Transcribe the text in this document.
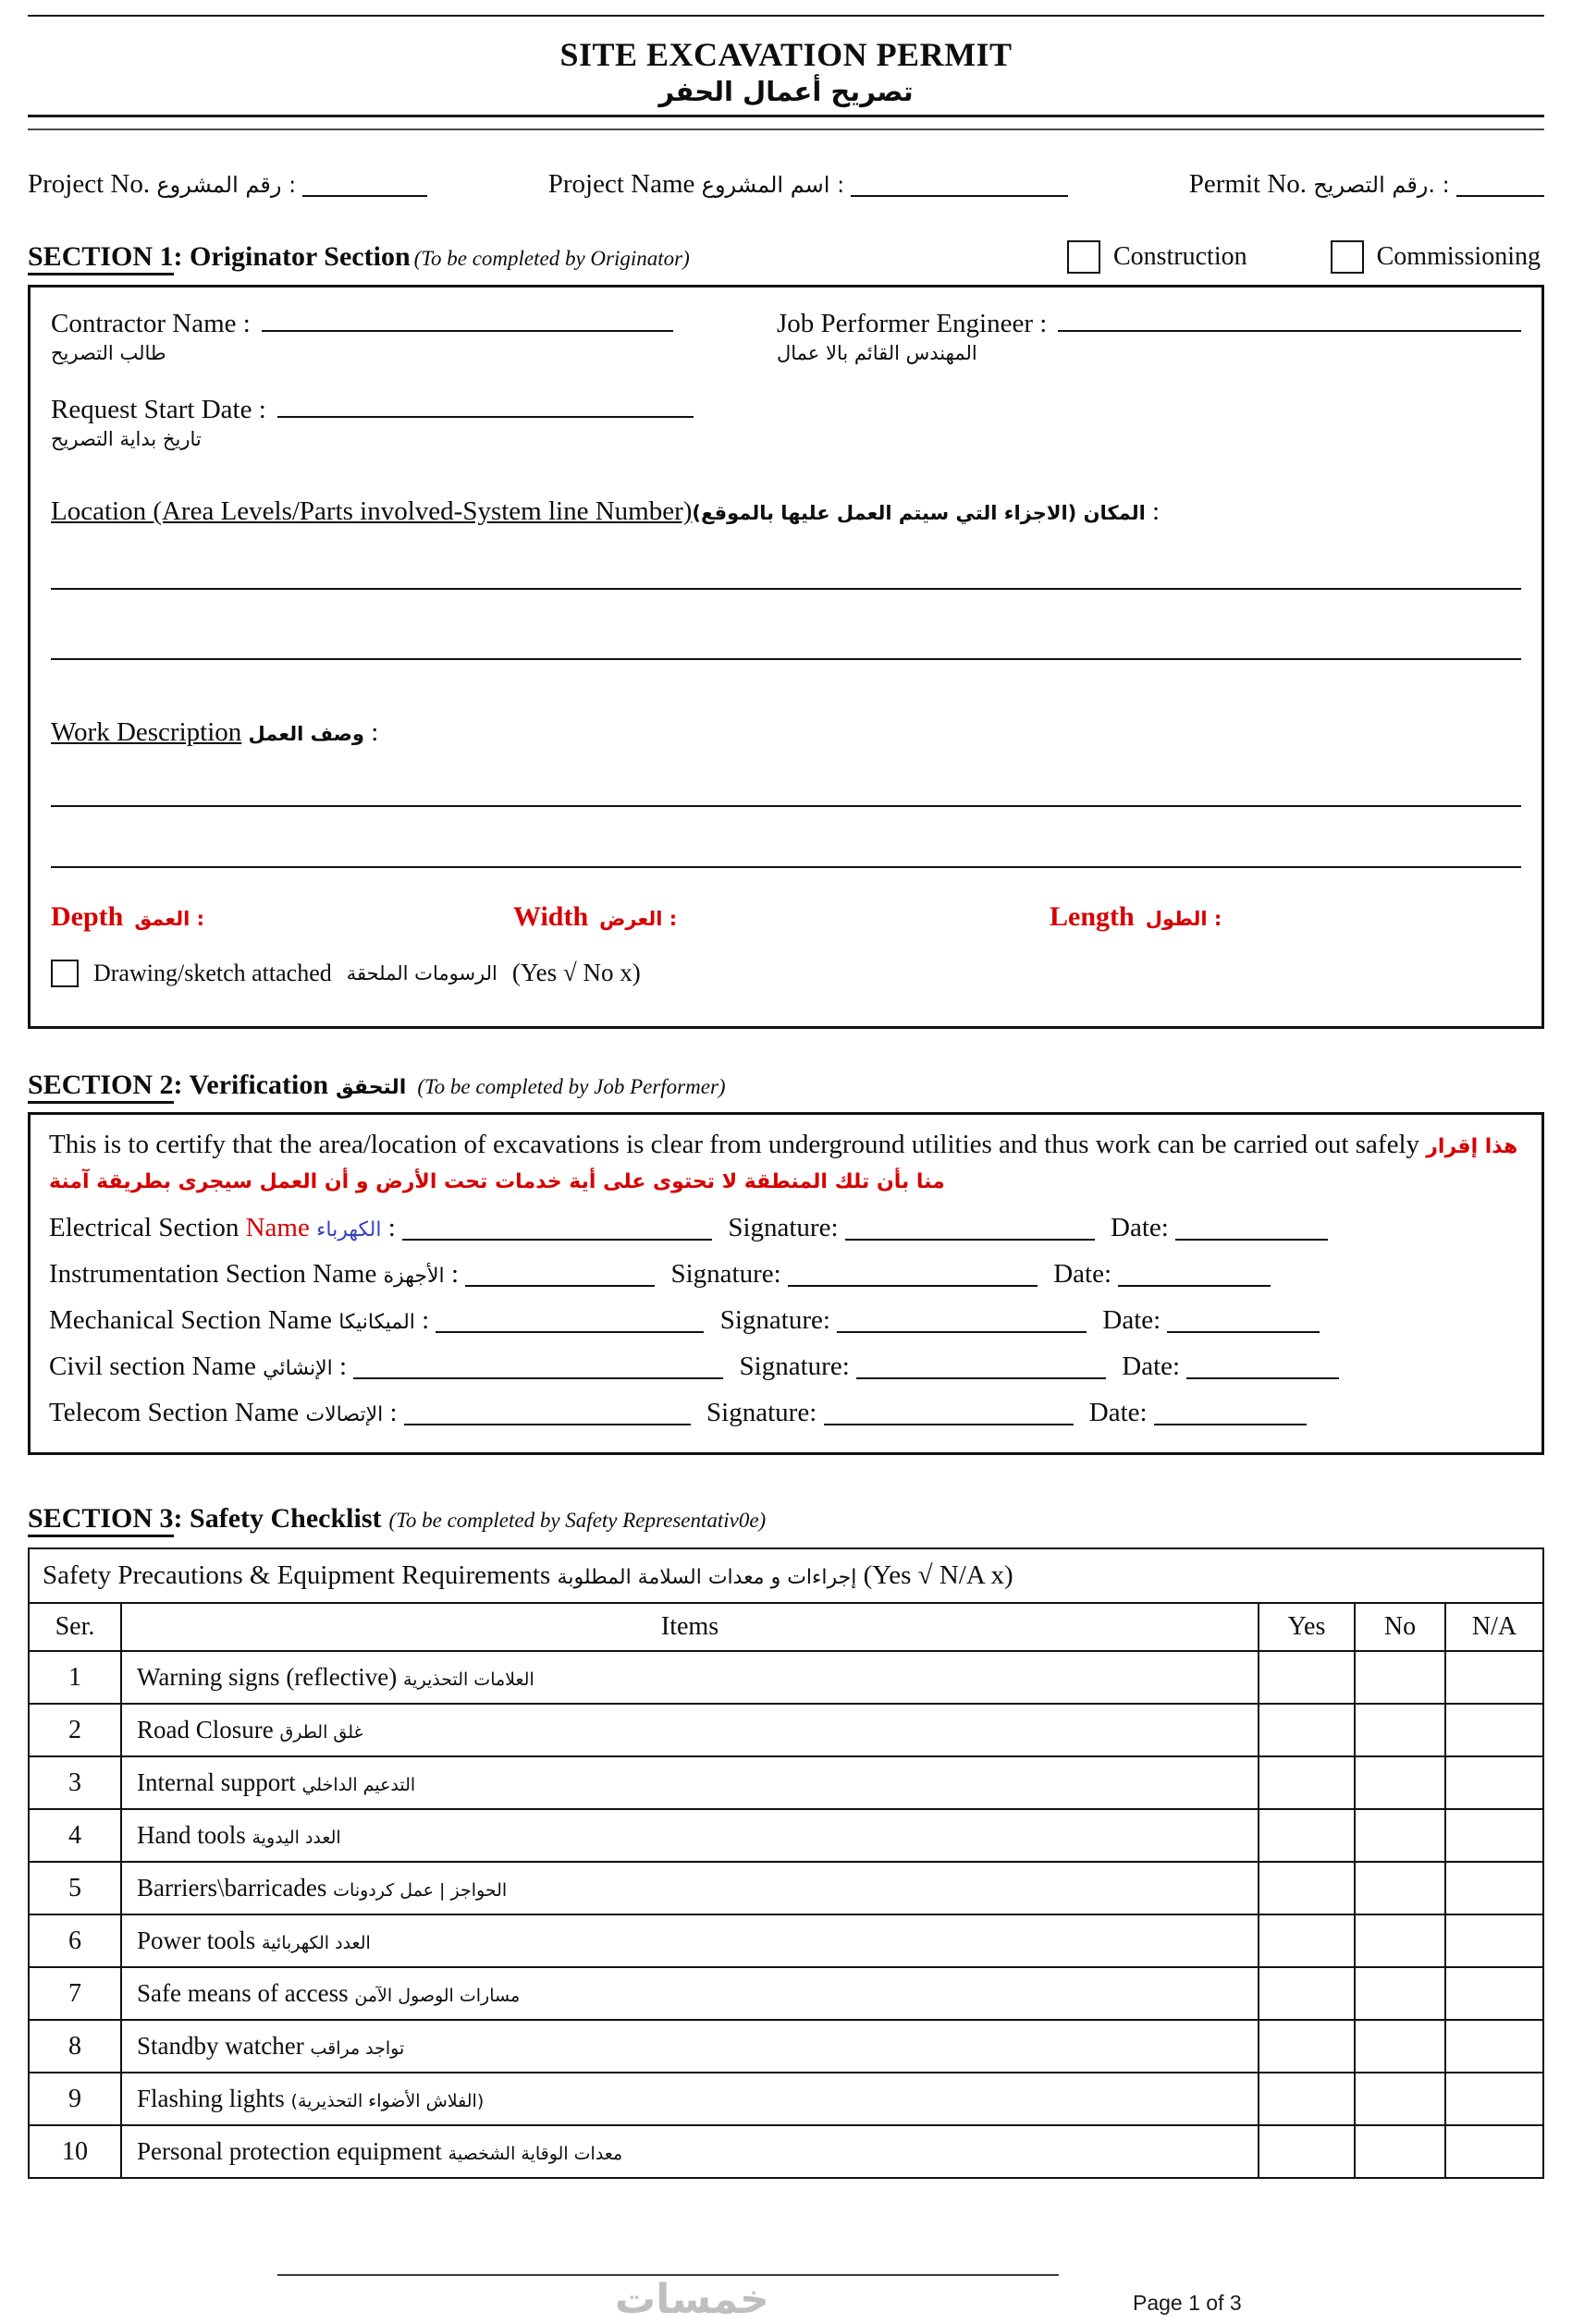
SITE EXCAVATION PERMIT
تصريح أعمال الحفر
Project No. رقم المشروع :	Project Name اسم المشروع :	Permit No. رقم التصريح. :
SECTION 1: Originator Section (To be completed by Originator)	Construction	Commissioning
Contractor Name :
طالب التصريح
Job Performer Engineer :
المهندس القائم بالا عمال
Request Start Date :
تاريخ بداية التصريح
Location (Area Levels/Parts involved-System line Number)المكان (الاجزاء التي سيتم العمل عليها بالموقع) :
Work Description وصف العمل :
Depth العمق :	Width العرض :	Length الطول :
Drawing/sketch attached الرسومات الملحقة (Yes √ No x)
SECTION 2: Verification التحقق (To be completed by Job Performer)

This is to certify that the area/location of excavations is clear from underground utilities and thus work can be carried out safely هذا إقرار منا بأن تلك المنطقة لا تحتوى على أية خدمات تحت الأرض و أن العمل سيجرى بطريقة آمنة

Electrical Section Name الكهرباء :	Signature:	Date:
Instrumentation Section Name الأجهزة :	Signature:	Date:
Mechanical Section Name الميكانيكا :	Signature:	Date:
Civil section Name الإنشائي :	Signature:	Date:
Telecom Section Name الإتصالات :	Signature:	Date:
SECTION 3: Safety Checklist (To be completed by Safety Representativ0e)
Safety Precautions & Equipment Requirements إجراءات و معدات السلامة المطلوبة (Yes √ N/A x)				
Ser.	Items	Yes	No	N/A
1	Warning signs (reflective) العلامات التحذيرية			
2	Road Closure غلق الطرق			
3	Internal support التدعيم الداخلي			
4	Hand tools العدد اليدوية			
5	Barriers\barricades الحواجز | عمل كردونات			
6	Power tools العدد الكهربائية			
7	Safe means of access مسارات الوصول الآمن			
8	Standby watcher تواجد مراقب			
9	Flashing lights (الفلاش الأضواء التحذيرية)			
10	Personal protection equipment معدات الوقاية الشخصية			
خمسات	Page 1 of 3
